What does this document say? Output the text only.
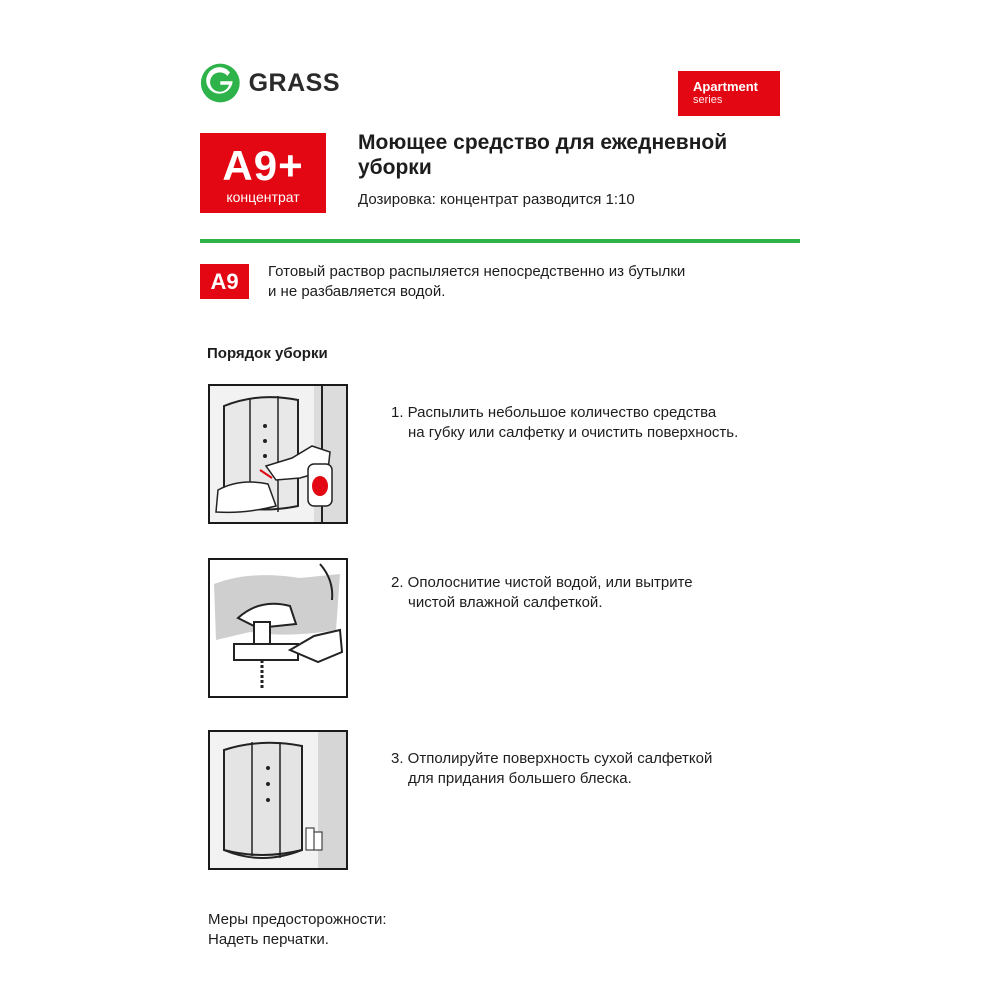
GRASS	Apartment
series
A9+
концентрат
Моющее средство для ежедневной уборки
Дозировка: концентрат разводится 1:10
A9	Готовый раствор распыляется непосредственно из бутылки
и не разбавляется водой.
Порядок уборки
1. Распылить небольшое количество средства
на губку или салфетку и очистить поверхность.
2. Ополоснитие чистой водой, или вытрите
чистой влажной салфеткой.
3. Отполируйте поверхность сухой салфеткой
для придания большего блеска.
Меры предосторожности:
Надеть перчатки.
